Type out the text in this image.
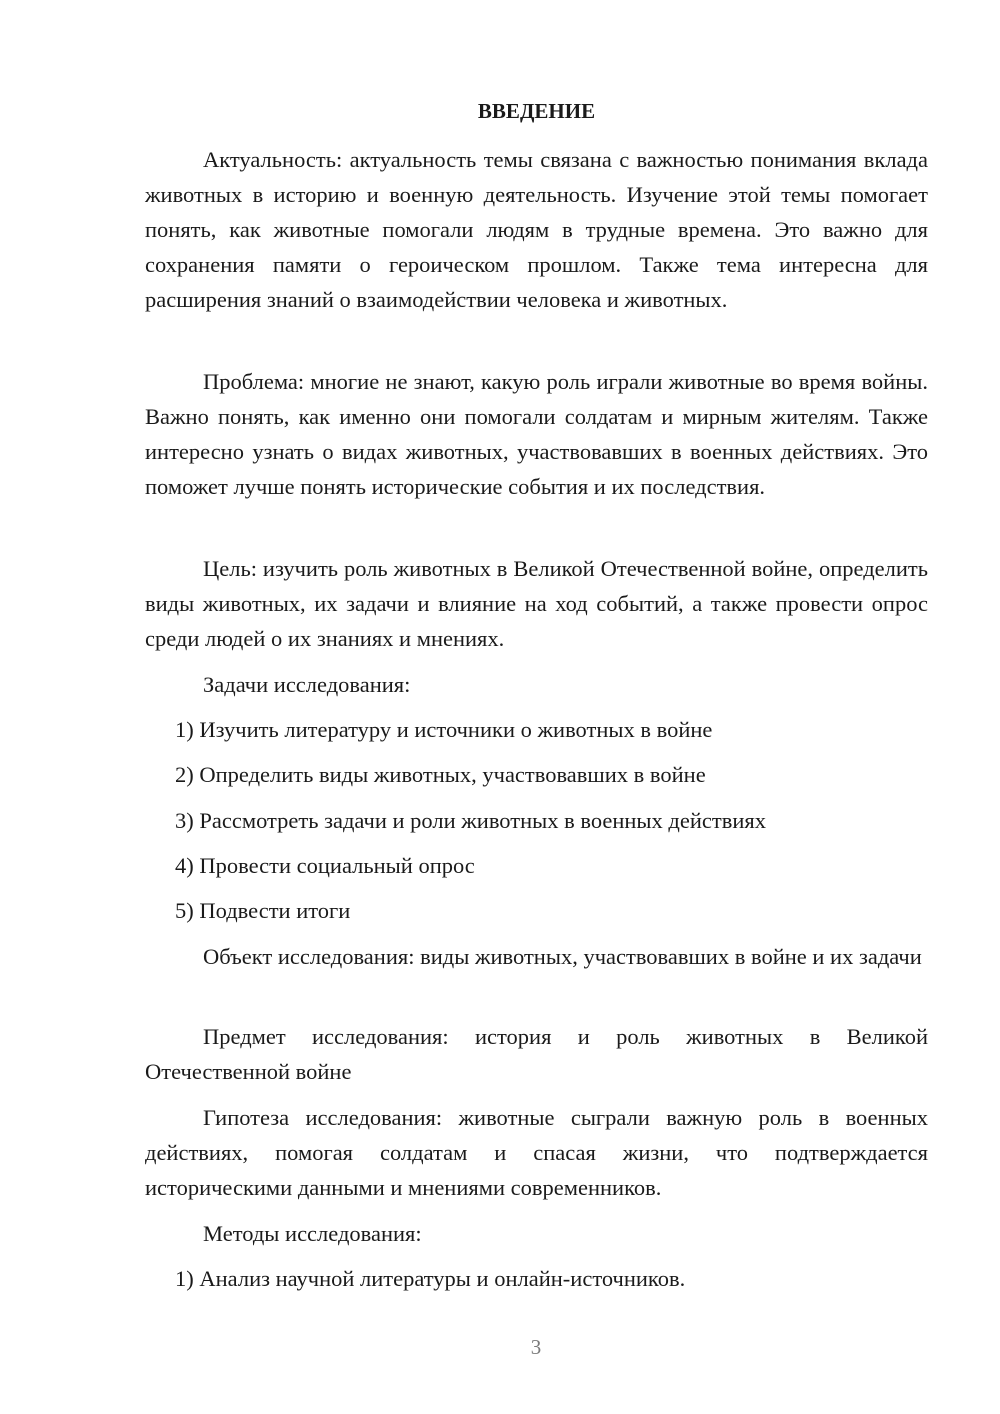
ВВЕДЕНИЕ

Актуальность: актуальность темы связана с важностью понимания вклада животных в историю и военную деятельность. Изучение этой темы помогает понять, как животные помогали людям в трудные времена. Это важно для сохранения памяти о героическом прошлом. Также тема интересна для расширения знаний о взаимодействии человека и животных.

Проблема: многие не знают, какую роль играли животные во время войны. Важно понять, как именно они помогали солдатам и мирным жителям. Также интересно узнать о видах животных, участвовавших в военных действиях. Это поможет лучше понять исторические события и их последствия.

Цель: изучить роль животных в Великой Отечественной войне, определить виды животных, их задачи и влияние на ход событий, а также провести опрос среди людей о их знаниях и мнениях.

Задачи исследования:

1) Изучить литературу и источники о животных в войне

2) Определить виды животных, участвовавших в войне

3) Рассмотреть задачи и роли животных в военных действиях

4) Провести социальный опрос

5) Подвести итоги

Объект исследования: виды животных, участвовавших в войне и их задачи

Предмет исследования: история и роль животных в Великой Отечественной войне

Гипотеза исследования: животные сыграли важную роль в военных действиях, помогая солдатам и спасая жизни, что подтверждается историческими данными и мнениями современников.

Методы исследования:

1) Анализ научной литературы и онлайн-источников.

3
